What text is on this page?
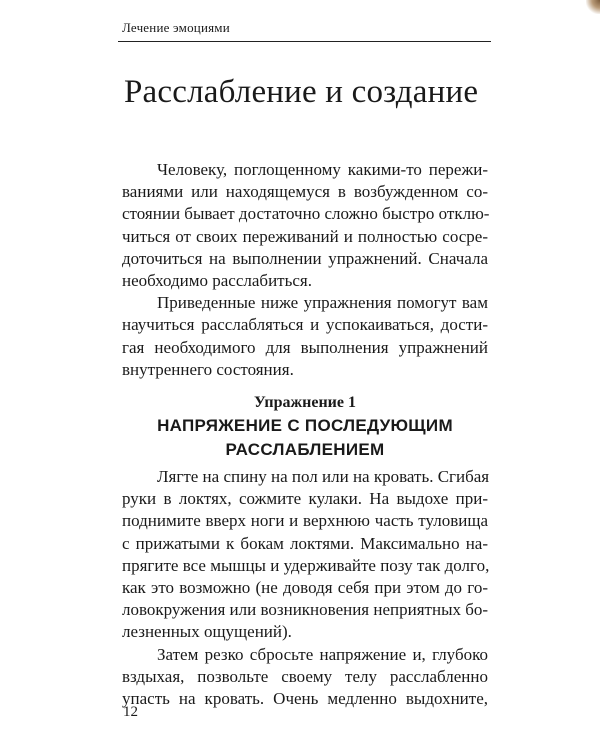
Лечение эмоциями
Расслабление и создание
Человеку, поглощенному какими-то пережи-
ваниями или находящемуся в возбужденном со-
стоянии бывает достаточно сложно быстро отклю-
читься от своих переживаний и полностью сосре-
доточиться на выполнении упражнений. Сначала
необходимо расслабиться.
Приведенные ниже упражнения помогут вам
научиться расслабляться и успокаиваться, дости-
гая необходимого для выполнения упражнений
внутреннего состояния.
Упражнение 1
НАПРЯЖЕНИЕ С ПОСЛЕДУЮЩИМ
РАССЛАБЛЕНИЕМ
Лягте на спину на пол или на кровать. Сгибая
руки в локтях, сожмите кулаки. На выдохе при-
поднимите вверх ноги и верхнюю часть туловища
с прижатыми к бокам локтями. Максимально на-
прягите все мышцы и удерживайте позу так долго,
как это возможно (не доводя себя при этом до го-
ловокружения или возникновения неприятных бо-
лезненных ощущений).
Затем резко сбросьте напряжение и, глубоко
вздыхая, позвольте своему телу расслабленно
упасть на кровать. Очень медленно выдохните,
12
